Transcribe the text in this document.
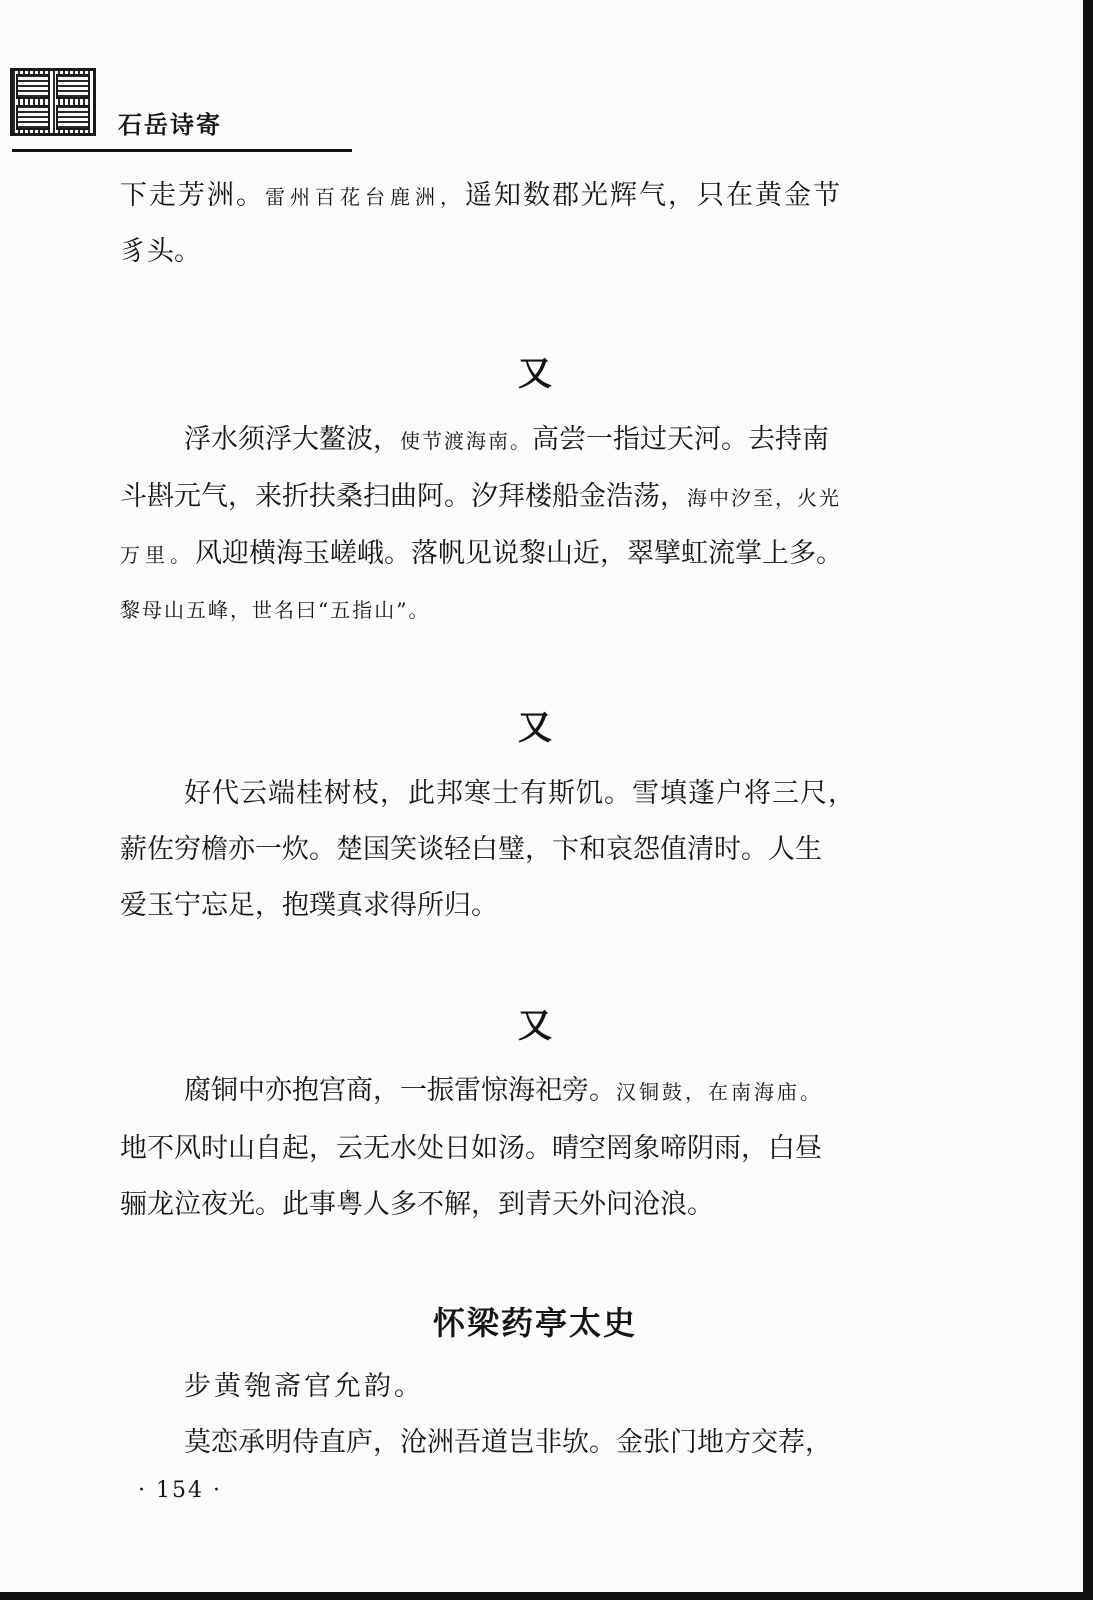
石岳诗寄
下走芳洲。雷州百花台鹿洲，遥知数郡光辉气，只在黄金节
豸头。
又
浮水须浮大鳌波，使节渡海南。高尝一指过天河。去持南
斗斟元气，来折扶桑扫曲阿。汐拜楼船金浩荡，海中汐至，火光
万里。风迎横海玉嵯峨。落帆见说黎山近，翠擘虹流掌上多。
黎母山五峰，世名曰“五指山”。
又
好代云端桂树枝，此邦寒士有斯饥。雪填蓬户将三尺，
薪佐穷檐亦一炊。楚国笑谈轻白璧，卞和哀怨值清时。人生
爱玉宁忘足，抱璞真求得所归。
又
腐铜中亦抱宫商，一振雷惊海祀旁。汉铜鼓，在南海庙。
地不风时山自起，云无水处日如汤。晴空罔象啼阴雨，白昼
骊龙泣夜光。此事粤人多不解，到青天外问沧浪。
怀梁药亭太史
步黄匏斋官允韵。
莫恋承明侍直庐，沧洲吾道岂非欤。金张门地方交荐，
· 154 ·
